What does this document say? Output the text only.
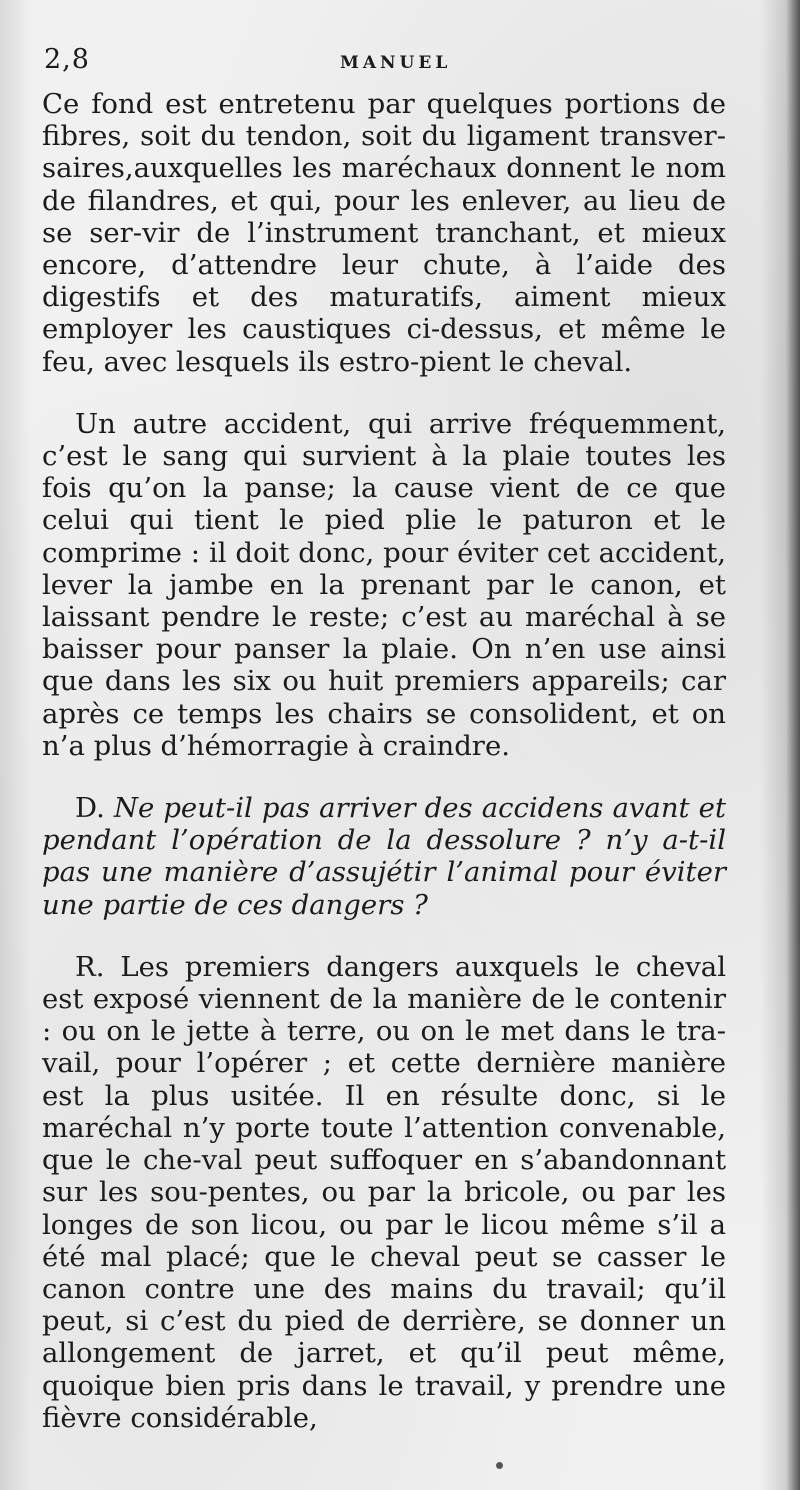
2,8	MANUEL

Ce fond est entretenu par quelques portions de fibres, soit du tendon, soit du ligament transver-saires,auxquelles les maréchaux donnent le nom de filandres, et qui, pour les enlever, au lieu de se ser-vir de l’instrument tranchant, et mieux encore, d’attendre leur chute, à l’aide des digestifs et des maturatifs, aiment mieux employer les caustiques ci-dessus, et même le feu, avec lesquels ils estro-pient le cheval.

Un autre accident, qui arrive fréquemment, c’est le sang qui survient à la plaie toutes les fois qu’on la panse; la cause vient de ce que celui qui tient le pied plie le paturon et le comprime : il doit donc, pour éviter cet accident, lever la jambe en la prenant par le canon, et laissant pendre le reste; c’est au maréchal à se baisser pour panser la plaie. On n’en use ainsi que dans les six ou huit premiers appareils; car après ce temps les chairs se consolident, et on n’a plus d’hémorragie à craindre.

D. Ne peut-il pas arriver des accidens avant et pendant l’opération de la dessolure ? n’y a-t-il pas une manière d’assujétir l’animal pour éviter une partie de ces dangers ?

R. Les premiers dangers auxquels le cheval est exposé viennent de la manière de le contenir : ou on le jette à terre, ou on le met dans le tra-vail, pour l’opérer ; et cette dernière manière est la plus usitée. Il en résulte donc, si le maréchal n’y porte toute l’attention convenable, que le che-val peut suffoquer en s’abandonnant sur les sou-pentes, ou par la bricole, ou par les longes de son licou, ou par le licou même s’il a été mal placé; que le cheval peut se casser le canon contre une des mains du travail; qu’il peut, si c’est du pied de derrière, se donner un allongement de jarret, et qu’il peut même, quoique bien pris dans le travail, y prendre une fièvre considérable,
